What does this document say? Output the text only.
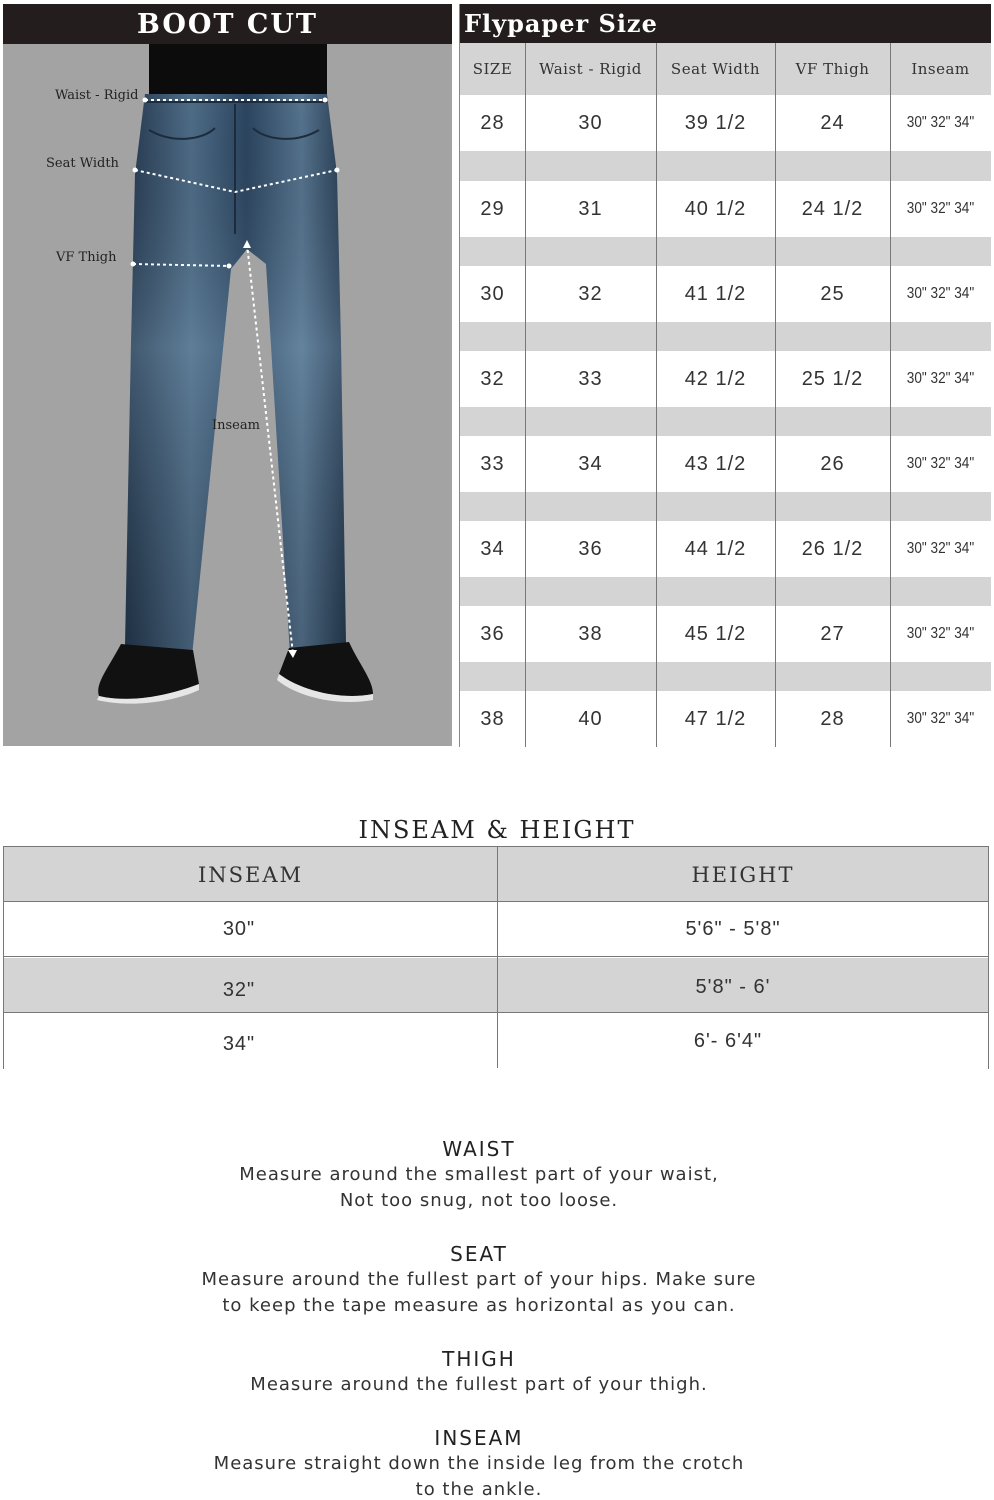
BOOT CUT
Waist - Rigid
Seat Width
VF Thigh
Inseam
Flypaper Size
SIZE	Waist - Rigid	Seat Width	VF Thigh	Inseam
28	30	39 1/2	24	30" 32" 34"
29	31	40 1/2	24 1/2	30" 32" 34"
30	32	41 1/2	25	30" 32" 34"
32	33	42 1/2	25 1/2	30" 32" 34"
33	34	43 1/2	26	30" 32" 34"
34	36	44 1/2	26 1/2	30" 32" 34"
36	38	45 1/2	27	30" 32" 34"
38	40	47 1/2	28	30" 32" 34"
INSEAM & HEIGHT
INSEAM	HEIGHT
30"	5'6" - 5'8"
32"	5'8" - 6'
34"	6'- 6'4"
WAIST

Measure around the smallest part of your waist,

Not too snug, not too loose.

SEAT

Measure around the fullest part of your hips. Make sure

to keep the tape measure as horizontal as you can.

THIGH

Measure around the fullest part of your thigh.

INSEAM

Measure straight down the inside leg from the crotch

to the ankle.
